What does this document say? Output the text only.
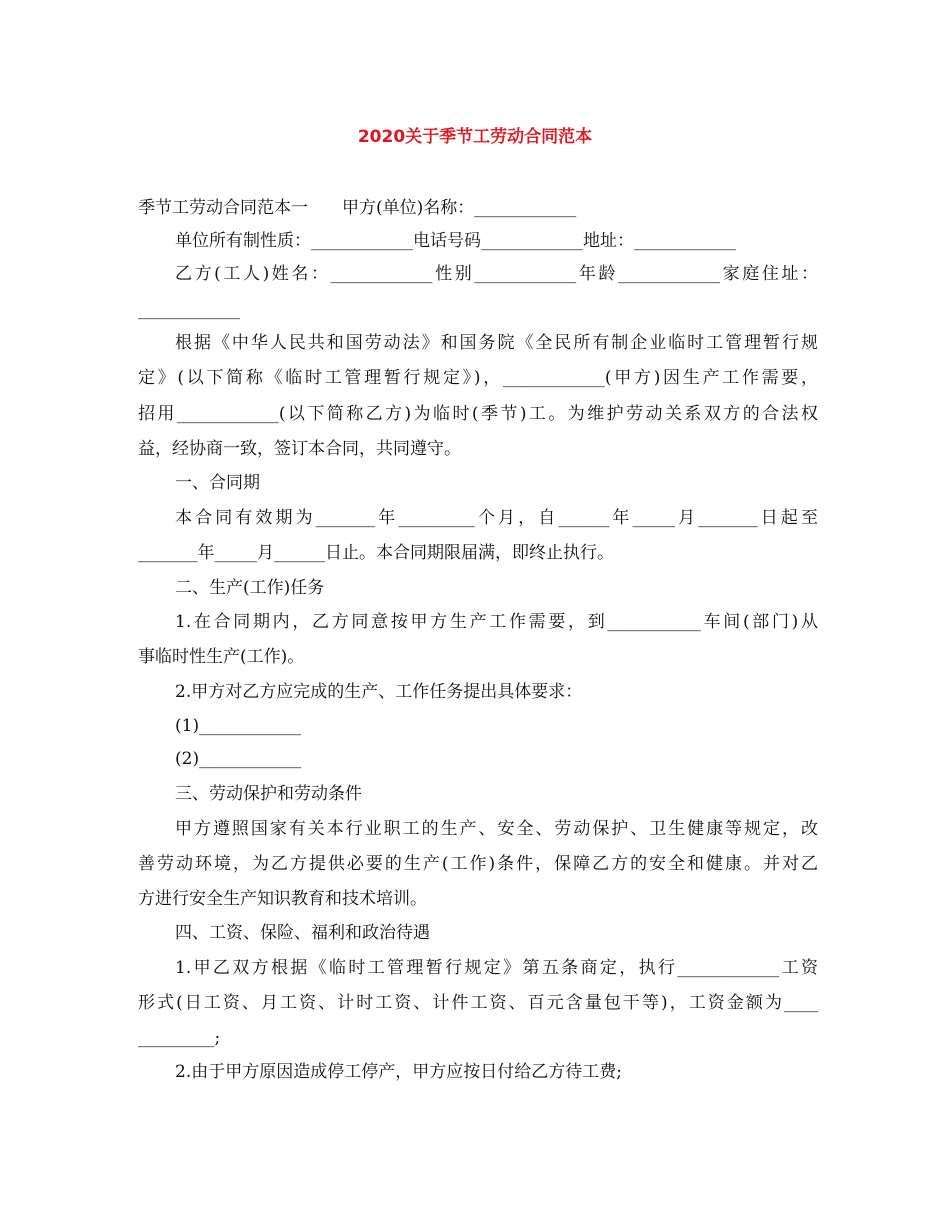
2020关于季节工劳动合同范本
季节工劳动合同范本一　　甲方(单位)名称：____________
单位所有制性质：____________电话号码____________地址：____________
乙方(工人)姓名：____________性别____________年龄____________家庭住址：
____________
根据《中华人民共和国劳动法》和国务院《全民所有制企业临时工管理暂行规
定》(以下简称《临时工管理暂行规定》)，____________(甲方)因生产工作需要，
招用____________(以下简称乙方)为临时(季节)工。为维护劳动关系双方的合法权
益，经协商一致，签订本合同，共同遵守。
一、合同期
本合同有效期为_______年_________个月，自______年_____月_______日起至
_______年_____月______日止。本合同期限届满，即终止执行。
二、生产(工作)任务
1.在合同期内，乙方同意按甲方生产工作需要，到___________车间(部门)从
事临时性生产(工作)。
2.甲方对乙方应完成的生产、工作任务提出具体要求：
(1)____________
(2)____________
三、劳动保护和劳动条件
甲方遵照国家有关本行业职工的生产、安全、劳动保护、卫生健康等规定，改
善劳动环境，为乙方提供必要的生产(工作)条件，保障乙方的安全和健康。并对乙
方进行安全生产知识教育和技术培训。
四、工资、保险、福利和政治待遇
1.甲乙双方根据《临时工管理暂行规定》第五条商定，执行____________工资
形式(日工资、月工资、计时工资、计件工资、百元含量包干等)，工资金额为____
_________;
2.由于甲方原因造成停工停产，甲方应按日付给乙方待工费;
